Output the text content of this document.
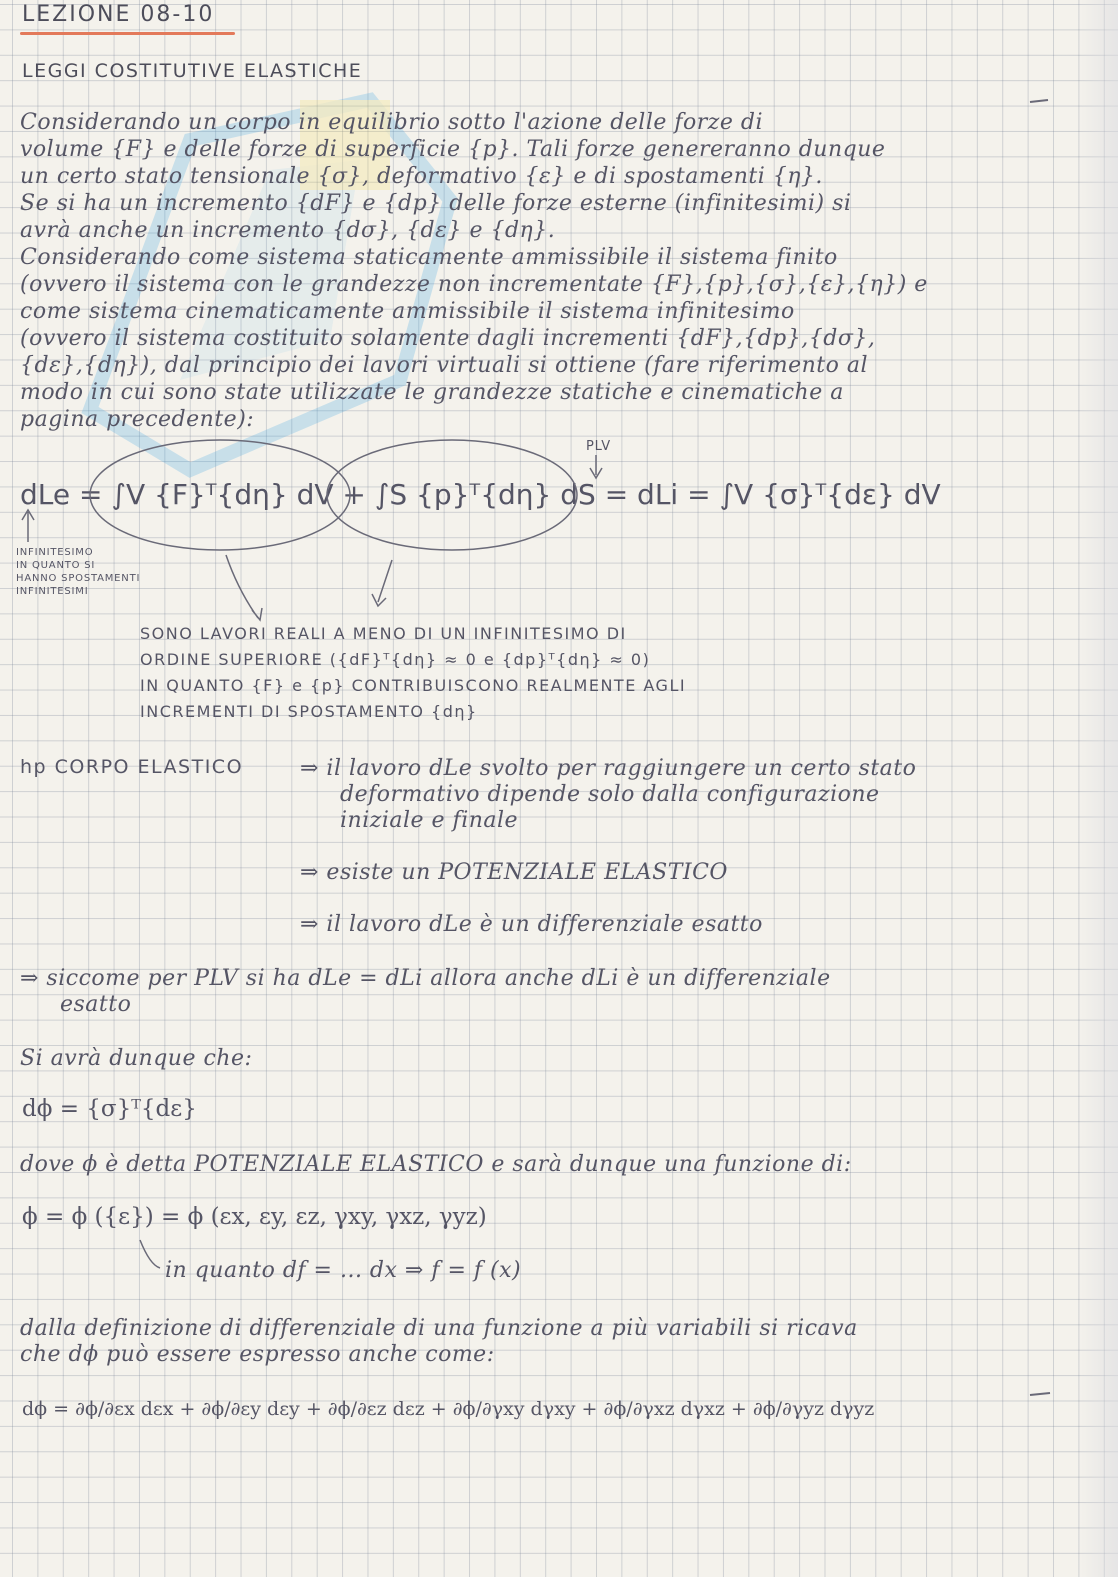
LEZIONE 08-10
LEGGI COSTITUTIVE ELASTICHE
Considerando un corpo in equilibrio sotto l'azione delle forze di
volume {F} e delle forze di superficie {p}. Tali forze genereranno dunque
un certo stato tensionale {σ}, deformativo {ε} e di spostamenti {η}.
Se si ha un incremento {dF} e {dp} delle forze esterne (infinitesimi) si
avrà anche un incremento {dσ}, {dε} e {dη}.
Considerando come sistema staticamente ammissibile il sistema finito
(ovvero il sistema con le grandezze non incrementate {F},{p},{σ},{ε},{η}) e
come sistema cinematicamente ammissibile il sistema infinitesimo
(ovvero il sistema costituito solamente dagli incrementi {dF},{dp},{dσ},
{dε},{dη}), dal principio dei lavori virtuali si ottiene (fare riferimento al
modo in cui sono state utilizzate le grandezze statiche e cinematiche a
pagina precedente):
PLV
dLe = ∫V {F}ᵀ{dη} dV + ∫S {p}ᵀ{dη} dS = dLi = ∫V {σ}ᵀ{dε} dV
INFINITESIMO
IN QUANTO SI
HANNO SPOSTAMENTI
INFINITESIMI
SONO LAVORI REALI A MENO DI UN INFINITESIMO DI
ORDINE SUPERIORE ({dF}ᵀ{dη} ≈ 0 e {dp}ᵀ{dη} ≈ 0)
IN QUANTO {F} e {p} CONTRIBUISCONO REALMENTE AGLI
INCREMENTI DI SPOSTAMENTO {dη}
hp CORPO ELASTICO	⇒ il lavoro dLe svolto per raggiungere un certo stato
deformativo dipende solo dalla configurazione
iniziale e finale
⇒ esiste un POTENZIALE ELASTICO
⇒ il lavoro dLe è un differenziale esatto
⇒ siccome per PLV si ha dLe = dLi allora anche dLi è un differenziale
esatto
Si avrà dunque che:
dϕ = {σ}ᵀ{dε}
dove ϕ è detta POTENZIALE ELASTICO e sarà dunque una funzione di:
ϕ = ϕ ({ε}) = ϕ (εx, εy, εz, γxy, γxz, γyz)
in quanto df = ... dx ⇒ f = f (x)
dalla definizione di differenziale di una funzione a più variabili si ricava
che dϕ può essere espresso anche come:
dϕ = ∂ϕ/∂εx dεx + ∂ϕ/∂εy dεy + ∂ϕ/∂εz dεz + ∂ϕ/∂γxy dγxy + ∂ϕ/∂γxz dγxz + ∂ϕ/∂γyz dγyz
